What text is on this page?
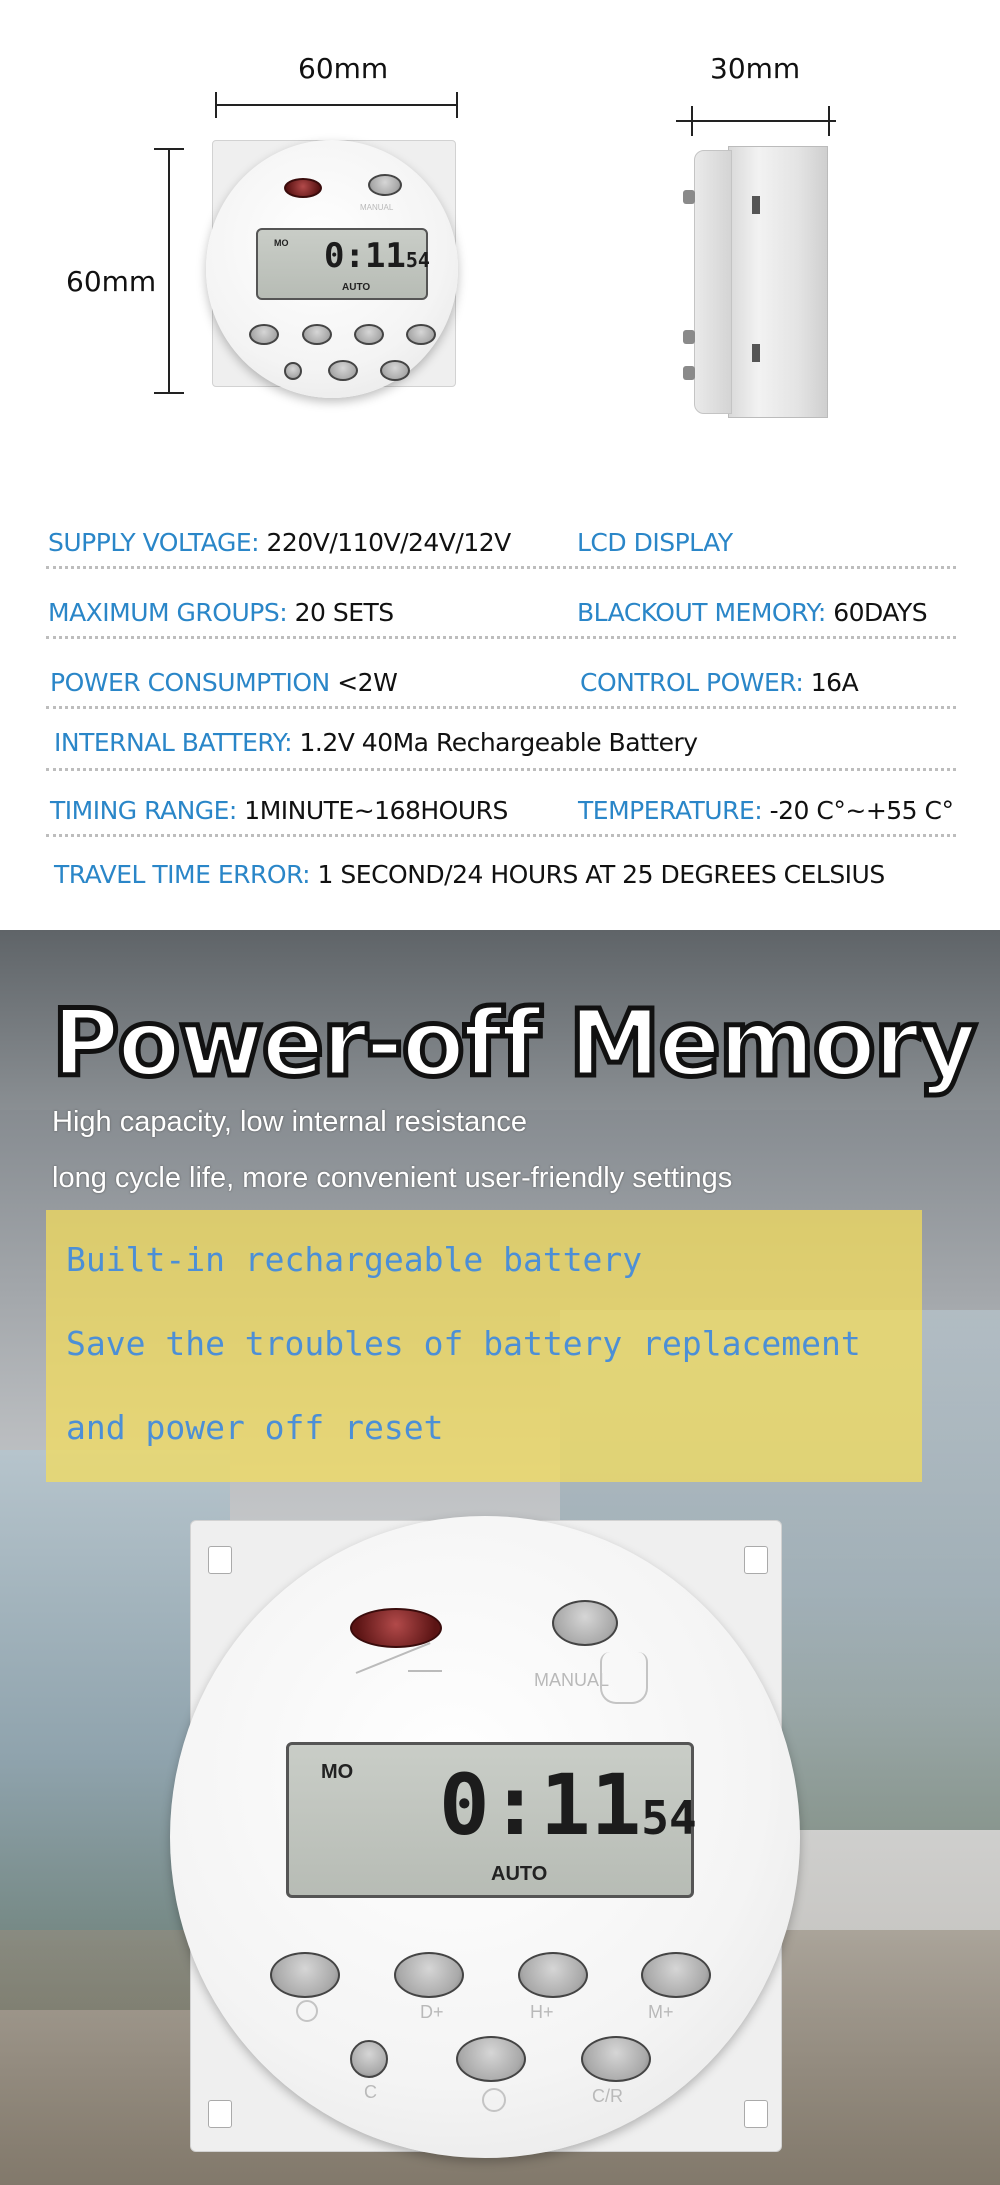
60mm
60mm
30mm
MANUAL
MO 0:1154
AUTO
SUPPLY VOLTAGE: 220V/110V/24V/12V	LCD DISPLAY
MAXIMUM GROUPS: 20 SETS	BLACKOUT MEMORY: 60DAYS
POWER CONSUMPTION <2W	CONTROL POWER: 16A
INTERNAL BATTERY: 1.2V 40Ma Rechargeable Battery
TIMING RANGE: 1MINUTE~168HOURS	TEMPERATURE: -20 C°~+55 C°
TRAVEL TIME ERROR: 1 SECOND/24 HOURS AT 25 DEGREES CELSIUS
Power-off Memory
High capacity, low internal resistance
long cycle life, more convenient user-friendly settings
Built-in rechargeable battery
Save the troubles of battery replacement
and power off reset
MANUAL
MO 0:1154
AUTO
D+	H+	M+
C	C/R
